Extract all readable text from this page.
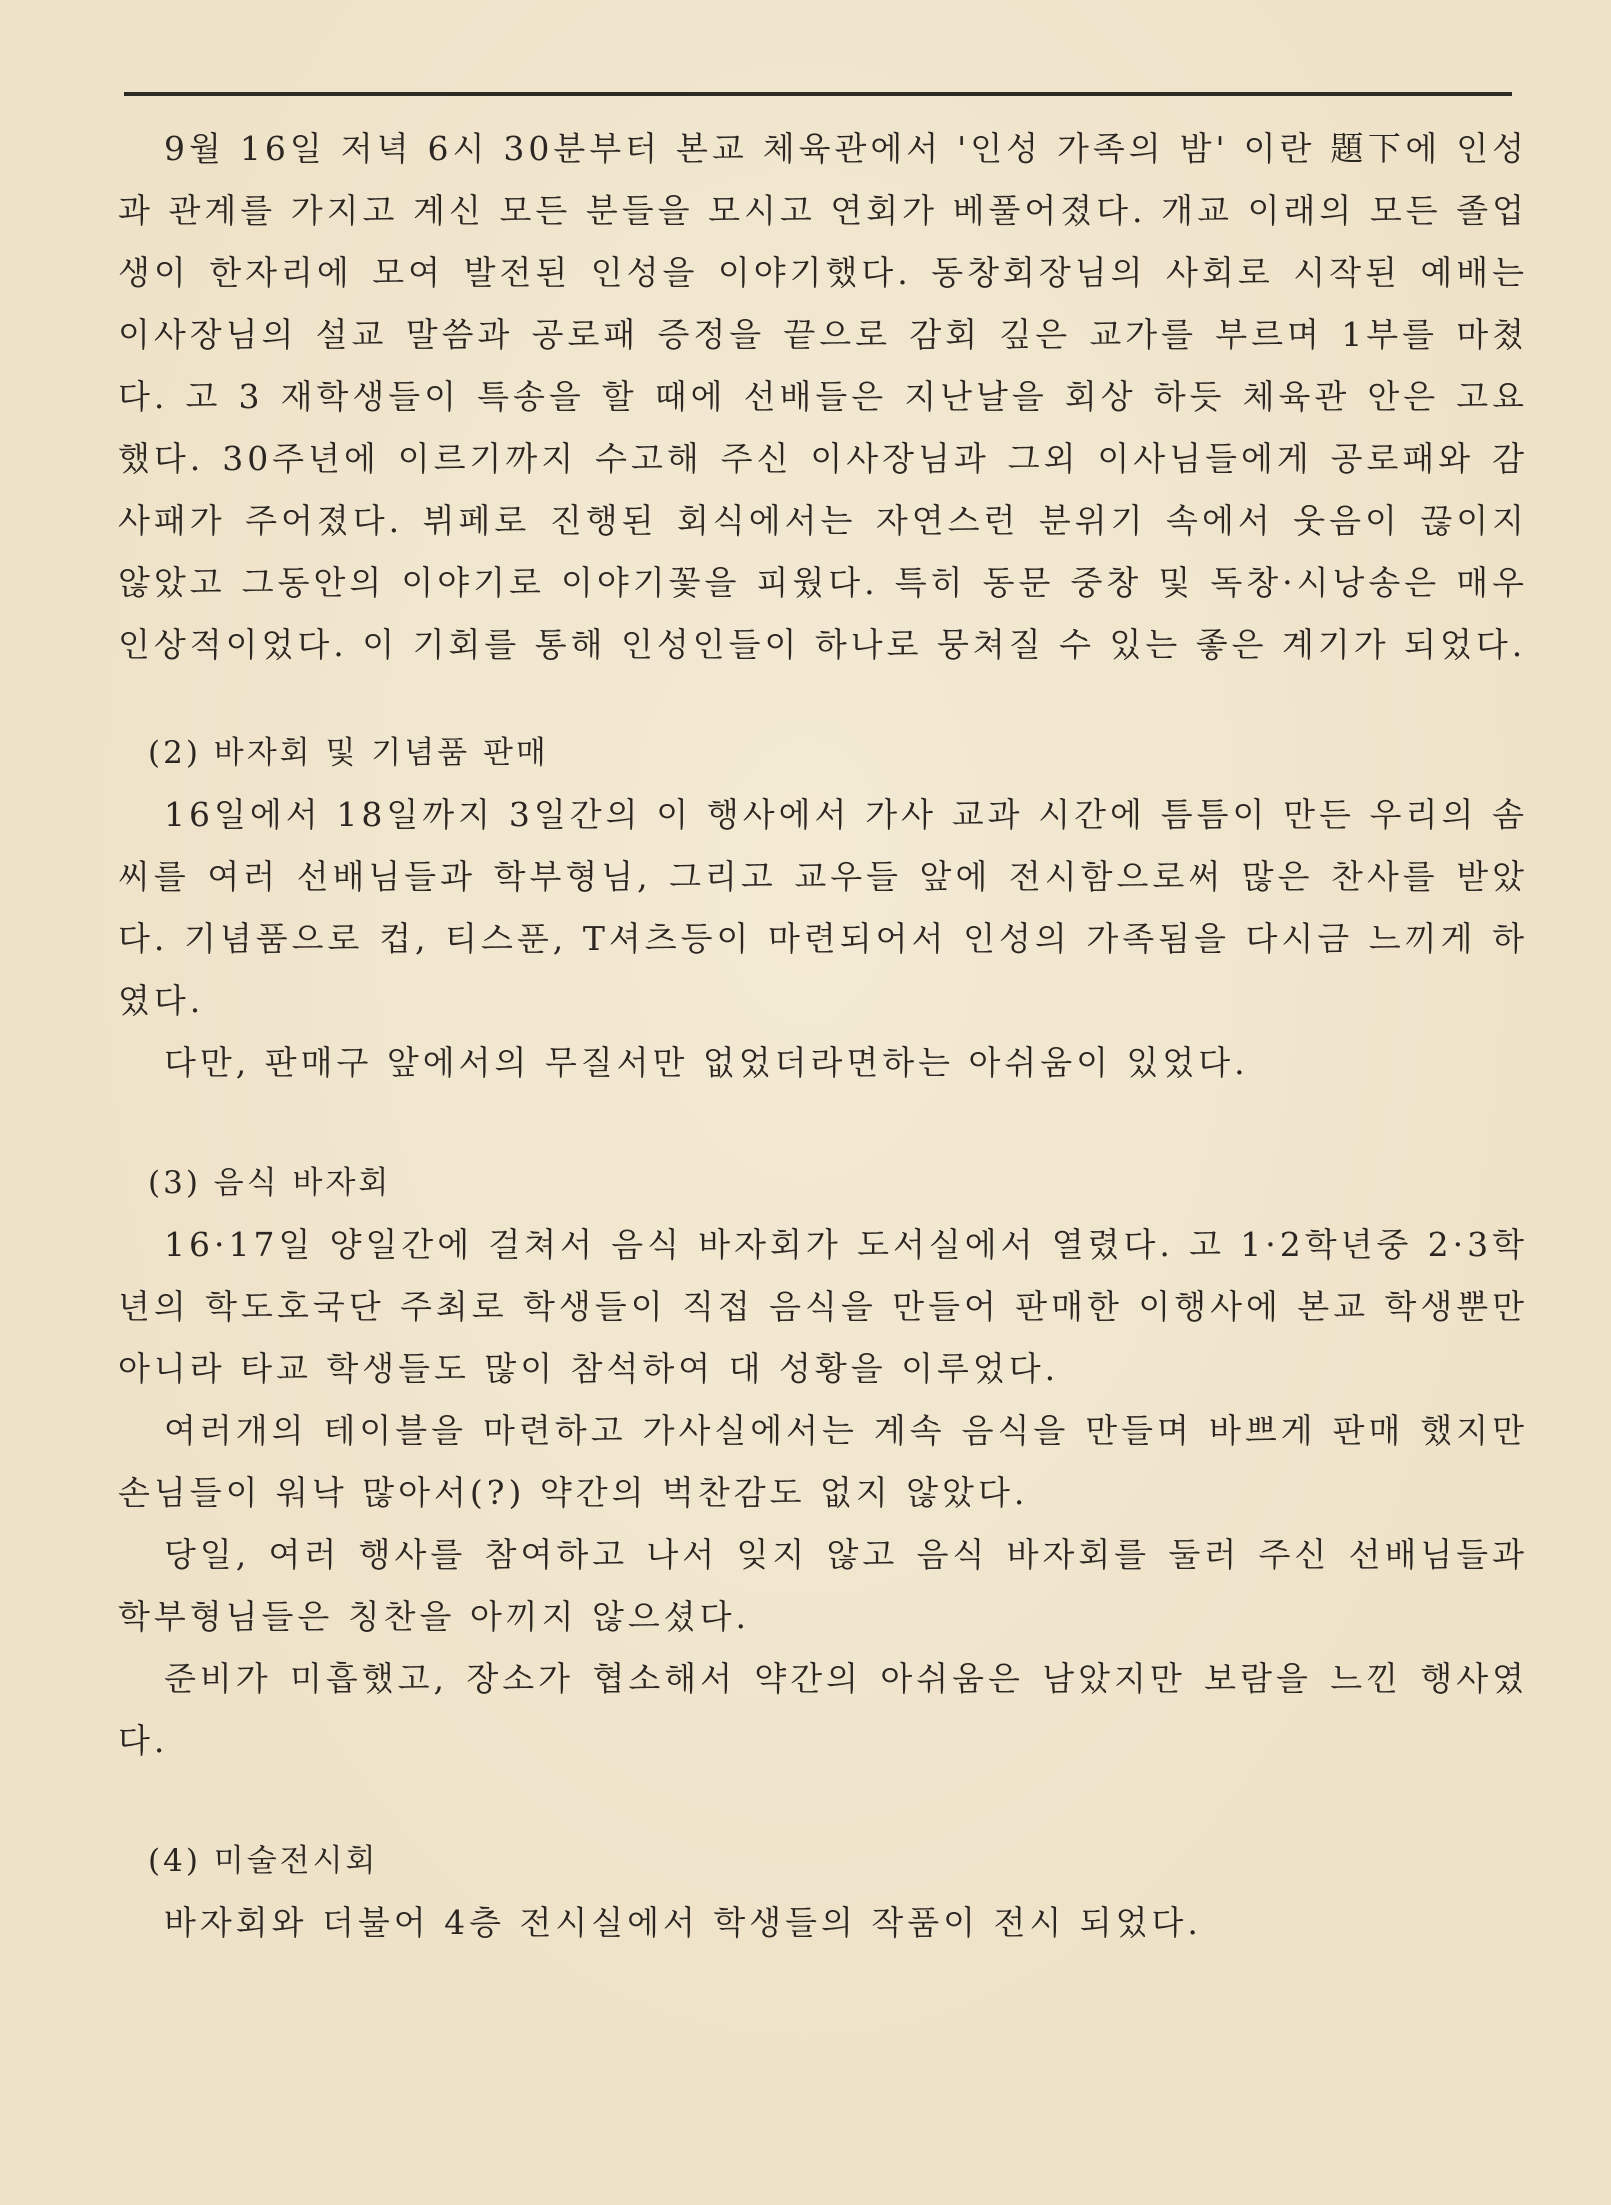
9월 16일 저녁 6시 30분부터 본교 체육관에서 '인성 가족의 밤' 이란 題下에 인성과 관계를 가지고 계신 모든 분들을 모시고 연회가 베풀어졌다. 개교 이래의 모든 졸업생이 한자리에 모여 발전된 인성을 이야기했다. 동창회장님의 사회로 시작된 예배는 이사장님의 설교 말씀과 공로패 증정을 끝으로 감회 깊은 교가를 부르며 1부를 마쳤다. 고 3 재학생들이 특송을 할 때에 선배들은 지난날을 회상 하듯 체육관 안은 고요했다. 30주년에 이르기까지 수고해 주신 이사장님과 그외 이사님들에게 공로패와 감사패가 주어졌다. 뷔페로 진행된 회식에서는 자연스런 분위기 속에서 웃음이 끊이지 않았고 그동안의 이야기로 이야기꽃을 피웠다. 특히 동문 중창 및 독창·시낭송은 매우 인상적이었다. 이 기회를 통해 인성인들이 하나로 뭉쳐질 수 있는 좋은 계기가 되었다.

(2) 바자회 및 기념품 판매

16일에서 18일까지 3일간의 이 행사에서 가사 교과 시간에 틈틈이 만든 우리의 솜씨를 여러 선배님들과 학부형님, 그리고 교우들 앞에 전시함으로써 많은 찬사를 받았다. 기념품으로 컵, 티스푼, T셔츠등이 마련되어서 인성의 가족됨을 다시금 느끼게 하였다.

다만, 판매구 앞에서의 무질서만 없었더라면하는 아쉬움이 있었다.

(3) 음식 바자회

16·17일 양일간에 걸쳐서 음식 바자회가 도서실에서 열렸다. 고 1·2학년중 2·3학년의 학도호국단 주최로 학생들이 직접 음식을 만들어 판매한 이행사에 본교 학생뿐만 아니라 타교 학생들도 많이 참석하여 대 성황을 이루었다.

여러개의 테이블을 마련하고 가사실에서는 계속 음식을 만들며 바쁘게 판매 했지만 손님들이 워낙 많아서(?) 약간의 벅찬감도 없지 않았다.

당일, 여러 행사를 참여하고 나서 잊지 않고 음식 바자회를 둘러 주신 선배님들과 학부형님들은 칭찬을 아끼지 않으셨다.

준비가 미흡했고, 장소가 협소해서 약간의 아쉬움은 남았지만 보람을 느낀 행사였다.

(4) 미술전시회

바자회와 더불어 4층 전시실에서 학생들의 작품이 전시 되었다.
